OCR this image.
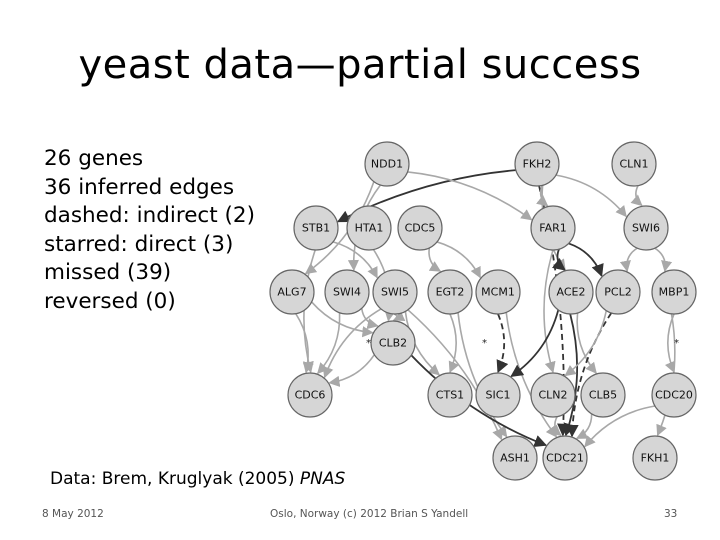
yeast data—partial success
26 genes
36 inferred edges
dashed: indirect (2)
starred: direct (3)
missed (39)
reversed (0)
NDD1	FKH2	CLN1
STB1 HTA1 CDC5	FAR1	SWI6
ALG7 SWI4 SWI5 EGT2 MCM1	ACE2 PCL2 MBP1
CLB2
CDC6	CTS1 SIC1	CLN2 CLB5	CDC20
ASH1 CDC21	FKH1
*	*	*
Data: Brem, Kruglyak (2005) PNAS
8 May 2012	Oslo, Norway (c) 2012 Brian S Yandell	33
